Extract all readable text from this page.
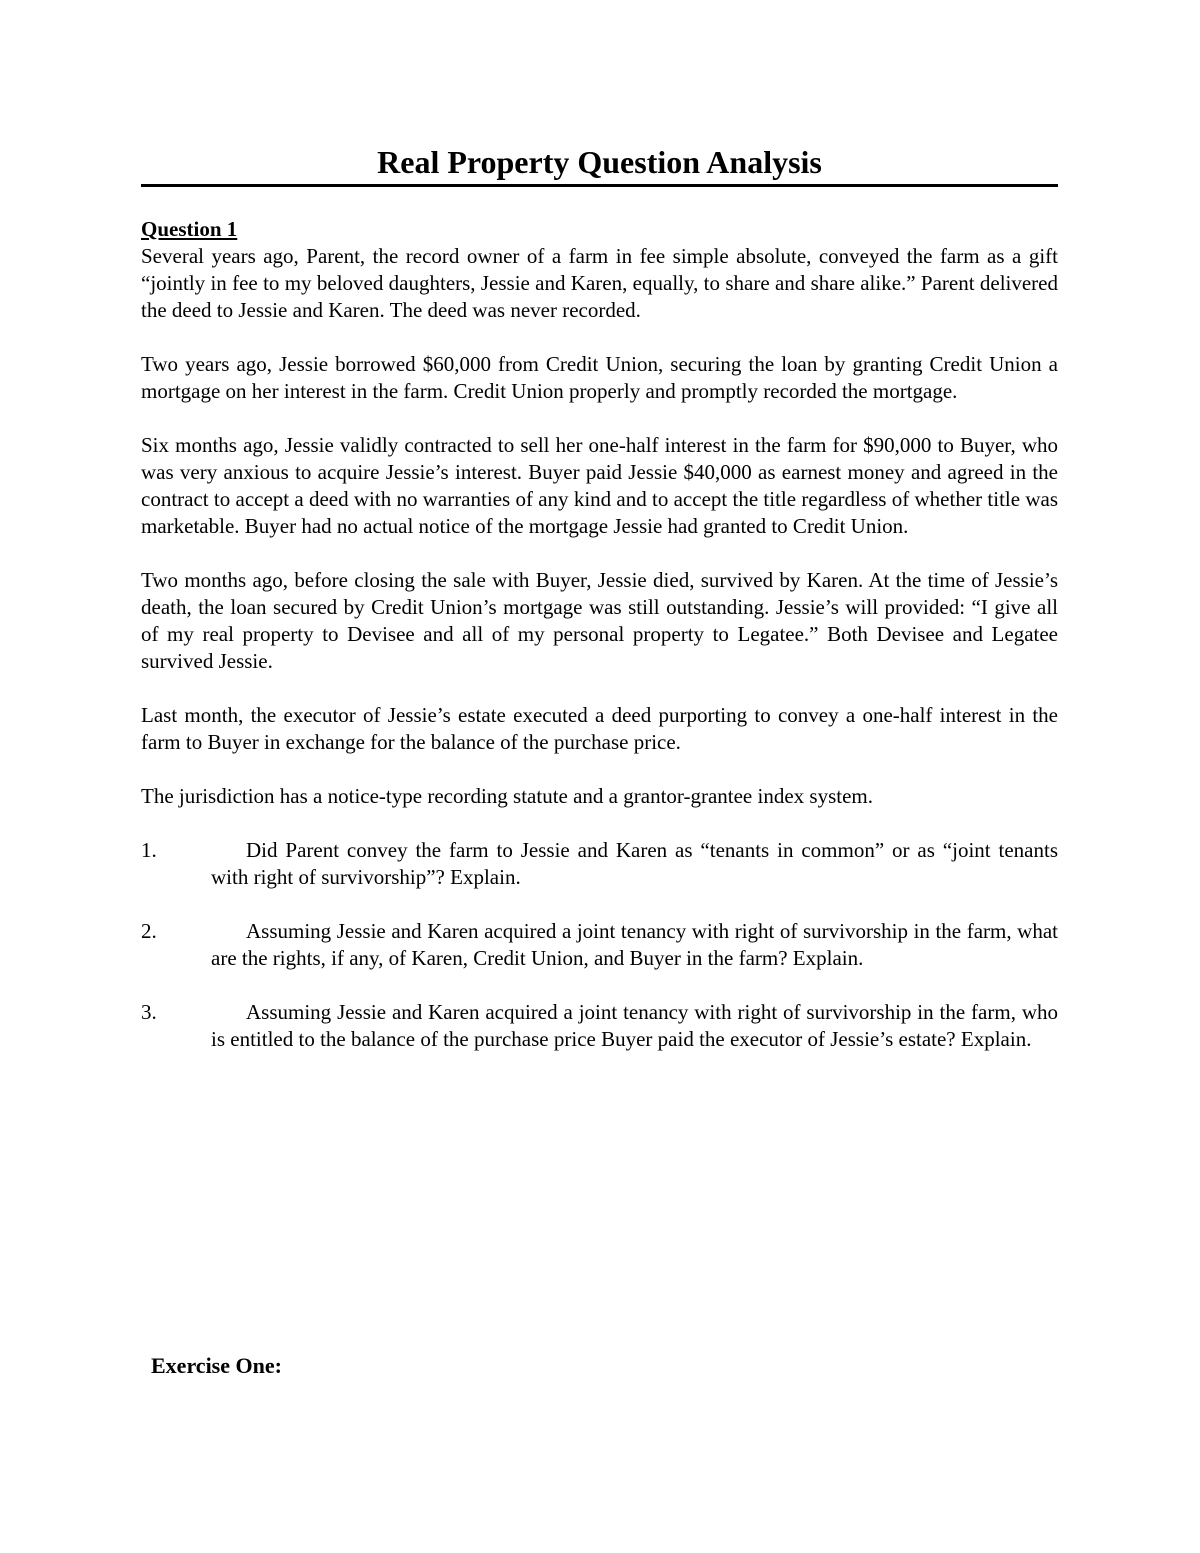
Real Property Question Analysis

Question 1

Several years ago, Parent, the record owner of a farm in fee simple absolute, conveyed the farm as a gift “jointly in fee to my beloved daughters, Jessie and Karen, equally, to share and share alike.” Parent delivered the deed to Jessie and Karen. The deed was never recorded.

Two years ago, Jessie borrowed $60,000 from Credit Union, securing the loan by granting Credit Union a mortgage on her interest in the farm. Credit Union properly and promptly recorded the mortgage.

Six months ago, Jessie validly contracted to sell her one-half interest in the farm for $90,000 to Buyer, who was very anxious to acquire Jessie’s interest. Buyer paid Jessie $40,000 as earnest money and agreed in the contract to accept a deed with no warranties of any kind and to accept the title regardless of whether title was marketable. Buyer had no actual notice of the mortgage Jessie had granted to Credit Union.

Two months ago, before closing the sale with Buyer, Jessie died, survived by Karen. At the time of Jessie’s death, the loan secured by Credit Union’s mortgage was still outstanding. Jessie’s will provided: “I give all of my real property to Devisee and all of my personal property to Legatee.” Both Devisee and Legatee survived Jessie.

Last month, the executor of Jessie’s estate executed a deed purporting to convey a one-half interest in the farm to Buyer in exchange for the balance of the purchase price.

The jurisdiction has a notice-type recording statute and a grantor-grantee index system.

1.	Did Parent convey the farm to Jessie and Karen as “tenants in common” or as “joint tenants with right of survivorship”? Explain.
2.	Assuming Jessie and Karen acquired a joint tenancy with right of survivorship in the farm, what are the rights, if any, of Karen, Credit Union, and Buyer in the farm? Explain.
3.	Assuming Jessie and Karen acquired a joint tenancy with right of survivorship in the farm, who is entitled to the balance of the purchase price Buyer paid the executor of Jessie’s estate? Explain.

Exercise One:
